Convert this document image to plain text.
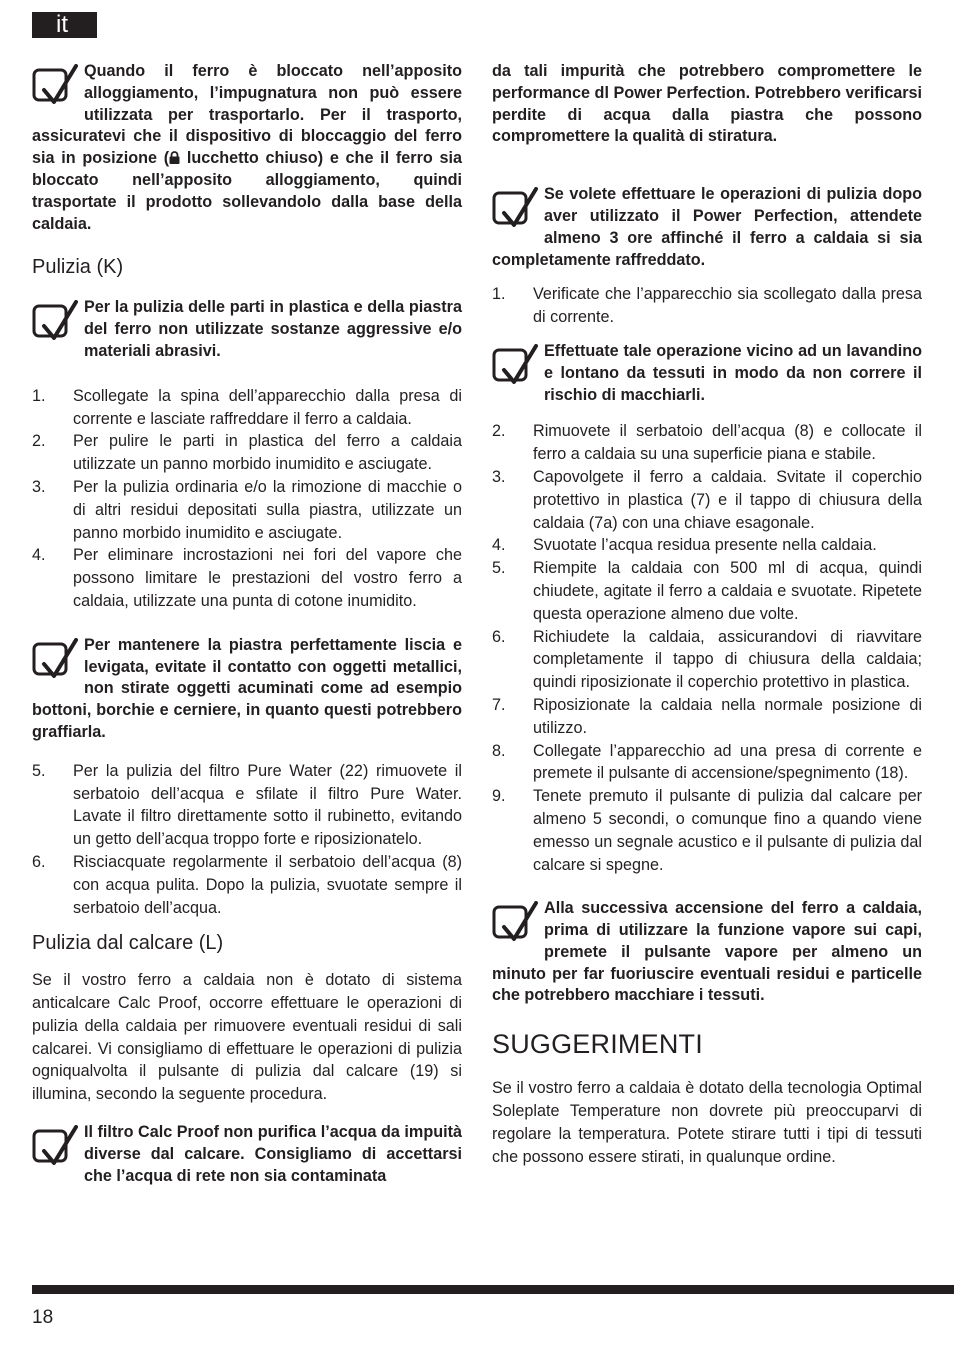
it
Quando il ferro è bloccato nell’apposito alloggiamento, l’impugnatura non può essere utilizzata per trasportarlo. Per il trasporto, assicuratevi che il dispositivo di bloccaggio del ferro sia in posizione ( lucchetto chiuso) e che il ferro sia bloccato nell’apposito alloggiamento, quindi trasportate il prodotto sollevandolo dalla base della caldaia.
Pulizia (K)
Per la pulizia delle parti in plastica e della piastra del ferro non utilizzate sostanze aggressive e/o materiali abrasivi.
1. Scollegate la spina dell’apparecchio dalla presa di corrente e lasciate raffreddare il ferro a caldaia.
2. Per pulire le parti in plastica del ferro a caldaia utilizzate un panno morbido inumidito e asciugate.
3. Per la pulizia ordinaria e/o la rimozione di macchie o di altri residui depositati sulla piastra, utilizzate un panno morbido inumidito e asciugate.
4. Per eliminare incrostazioni nei fori del vapore che possono limitare le prestazioni del vostro ferro a caldaia, utilizzate una punta di cotone inumidito.
Per mantenere la piastra perfettamente liscia e levigata, evitate il contatto con oggetti metallici, non stirate oggetti acuminati come ad esempio bottoni, borchie e cerniere, in quanto questi potrebbero graffiarla.
5. Per la pulizia del filtro Pure Water (22) rimuovete il serbatoio dell’acqua e sfilate il filtro Pure Water. Lavate il filtro direttamente sotto il rubinetto, evitando un getto dell’acqua troppo forte e riposizionatelo.
6. Risciacquate regolarmente il serbatoio dell’acqua (8) con acqua pulita. Dopo la pulizia, svuotate sempre il serbatoio dell’acqua.
Pulizia dal calcare (L)

Se il vostro ferro a caldaia non è dotato di sistema anticalcare Calc Proof, occorre effettuare le operazioni di pulizia della caldaia per rimuovere eventuali residui di sali calcarei. Vi consigliamo di effettuare le operazioni di pulizia ogniqualvolta il pulsante di pulizia dal calcare (19) si illumina, secondo la seguente procedura.

Il filtro Calc Proof non purifica l’acqua da impuità diverse dal calcare. Consigliamo di accettarsi che l’acqua di rete non sia contaminata

da tali impurità che potrebbero compromettere le performance dl Power Perfection. Potrebbero verificarsi perdite di acqua dalla piastra che possono compromettere la qualità di stiratura.

Se volete effettuare le operazioni di pulizia dopo aver utilizzato il Power Perfection, attendete almeno 3 ore affinché il ferro a caldaia si sia completamente raffreddato.
1. Verificate che l’apparecchio sia scollegato dalla presa di corrente.
Effettuate tale operazione vicino ad un lavandino e lontano da tessuti in modo da non correre il rischio di macchiarli.
2. Rimuovete il serbatoio dell’acqua (8) e collocate il ferro a caldaia su una superficie piana e stabile.
3. Capovolgete il ferro a caldaia. Svitate il coperchio protettivo in plastica (7) e il tappo di chiusura della caldaia (7a) con una chiave esagonale.
4. Svuotate l’acqua residua presente nella caldaia.
5. Riempite la caldaia con 500 ml di acqua, quindi chiudete, agitate il ferro a caldaia e svuotate. Ripetete questa operazione almeno due volte.
6. Richiudete la caldaia, assicurandovi di riavvitare completamente il tappo di chiusura della caldaia; quindi riposizionate il coperchio protettivo in plastica.
7. Riposizionate la caldaia nella normale posizione di utilizzo.
8. Collegate l’apparecchio ad una presa di corrente e premete il pulsante di accensione/spegnimento (18).
9. Tenete premuto il pulsante di pulizia dal calcare per almeno 5 secondi, o comunque fino a quando viene emesso un segnale acustico e il pulsante di pulizia dal calcare si spegne.
Alla successiva accensione del ferro a caldaia, prima di utilizzare la funzione vapore sui capi, premete il pulsante vapore per almeno un minuto per far fuoriuscire eventuali residui e particelle che potrebbero macchiare i tessuti.
SUGGERIMENTI

Se il vostro ferro a caldaia è dotato della tecnologia Optimal Soleplate Temperature non dovrete più preoccuparvi di regolare la temperatura. Potete stirare tutti i tipi di tessuti che possono essere stirati, in qualunque ordine.

18
